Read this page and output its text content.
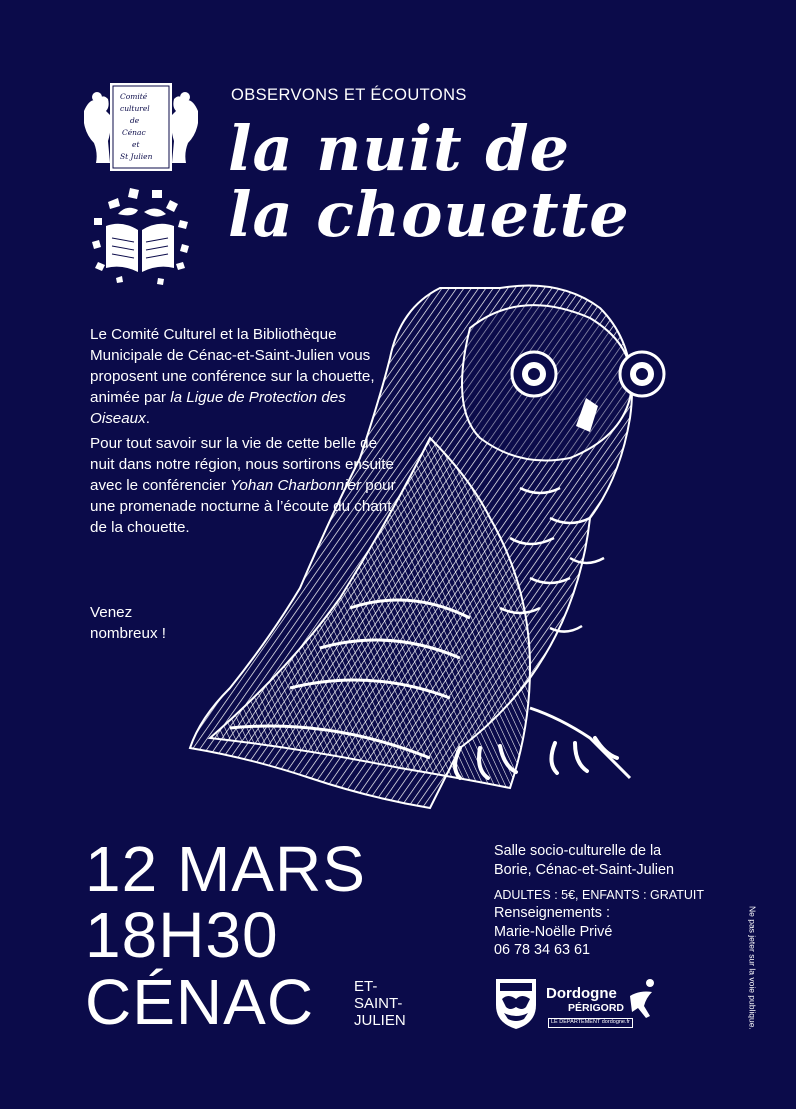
Comité
culturel
de
Cénac
et
St Julien
OBSERVONS ET ÉCOUTONS
la nuit de
la chouette

Le Comité Culturel et la Bibliothèque Municipale de Cénac-et-Saint-Julien vous proposent une conférence sur la chouette, animée par la Ligue de Protection des Oiseaux.

Pour tout savoir sur la vie de cette belle de nuit dans notre région, nous sortirons ensuite avec le conférencier Yohan Charbonnier pour une promenade nocturne à l’écoute du chant de la chouette.

Venez nombreux !

12 MARS
18H30
CÉNAC	ET-
SAINT-
JULIEN
Salle socio-culturelle de la
Borie, Cénac-et-Saint-Julien
ADULTES : 5€, ENFANTS : GRATUIT
Renseignements :
Marie-Noëlle Privé
06 78 34 63 61
Dordogne
PÉRIGORD
LE DÉPARTEMENT dordogne.fr	Ne pas jeter sur la voie publique.
